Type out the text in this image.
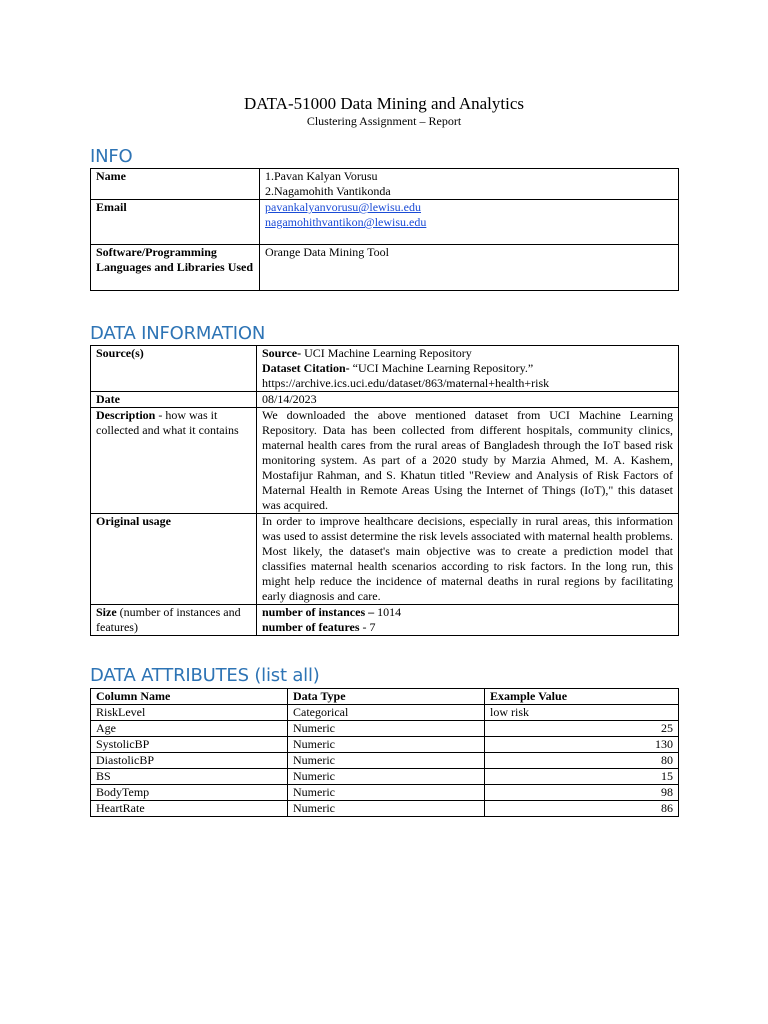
DATA-51000 Data Mining and Analytics
Clustering Assignment – Report
INFO
Name	1.Pavan Kalyan Vorusu
2.Nagamohith Vantikonda

Email	pavankalyanvorusu@lewisu.edu
nagamohithvantikon@lewisu.edu

Software/Programming Languages and Libraries Used	Orange Data Mining Tool
DATA INFORMATION
Source(s)	Source- UCI Machine Learning Repository
Dataset Citation- “UCI Machine Learning Repository.”
https://archive.ics.uci.edu/dataset/863/maternal+health+risk

Date	08/14/2023
Description - how was it collected and what it contains	We downloaded the above mentioned dataset from UCI Machine Learning Repository. Data has been collected from different hospitals, community clinics, maternal health cares from the rural areas of Bangladesh through the IoT based risk monitoring system. As part of a 2020 study by Marzia Ahmed, M. A. Kashem, Mostafijur Rahman, and S. Khatun titled "Review and Analysis of Risk Factors of Maternal Health in Remote Areas Using the Internet of Things (IoT)," this dataset was acquired.
Original usage	In order to improve healthcare decisions, especially in rural areas, this information was used to assist determine the risk levels associated with maternal health problems. Most likely, the dataset's main objective was to create a prediction model that classifies maternal health scenarios according to risk factors. In the long run, this might help reduce the incidence of maternal deaths in rural regions by facilitating early diagnosis and care.
Size (number of instances and features)	number of instances – 1014
number of features - 7
DATA ATTRIBUTES (list all)
Column Name	Data Type	Example Value
RiskLevel	Categorical	low risk
Age	Numeric	25
SystolicBP	Numeric	130
DiastolicBP	Numeric	80
BS	Numeric	15
BodyTemp	Numeric	98
HeartRate	Numeric	86
